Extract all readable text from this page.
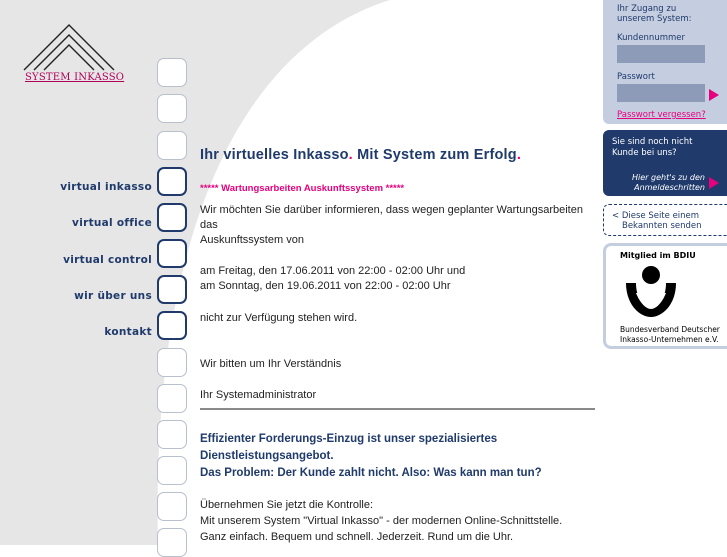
SYSTEM INKASSO
virtual inkasso
virtual office
virtual control
wir über uns
kontakt
Ihr virtuelles Inkasso. Mit System zum Erfolg.
***** Wartungsarbeiten Auskunftssystem *****
Wir möchten Sie darüber informieren, dass wegen geplanter Wartungsarbeiten
das
Auskunftssystem von
am Freitag, den 17.06.2011 von 22:00 - 02:00 Uhr und
am Sonntag, den 19.06.2011 von 22:00 - 02:00 Uhr
nicht zur Verfügung stehen wird.
Wir bitten um Ihr Verständnis
Ihr Systemadministrator
Effizienter Forderungs-Einzug ist unser spezialisiertes
Dienstleistungsangebot.
Das Problem: Der Kunde zahlt nicht. Also: Was kann man tun?
Übernehmen Sie jetzt die Kontrolle:
Mit unserem System "Virtual Inkasso" - der modernen Online-Schnittstelle.
Ganz einfach. Bequem und schnell. Jederzeit. Rund um die Uhr.
Ihr Zugang zu
unserem System:
Kundennummer
Passwort
Passwort vergessen?
Sie sind noch nicht
Kunde bei uns?
Hier geht's zu den
Anmeldeschritten
< Diese Seite einem
Bekannten senden
Mitglied im BDIU
Bundesverband Deutscher
Inkasso-Unternehmen e.V.
